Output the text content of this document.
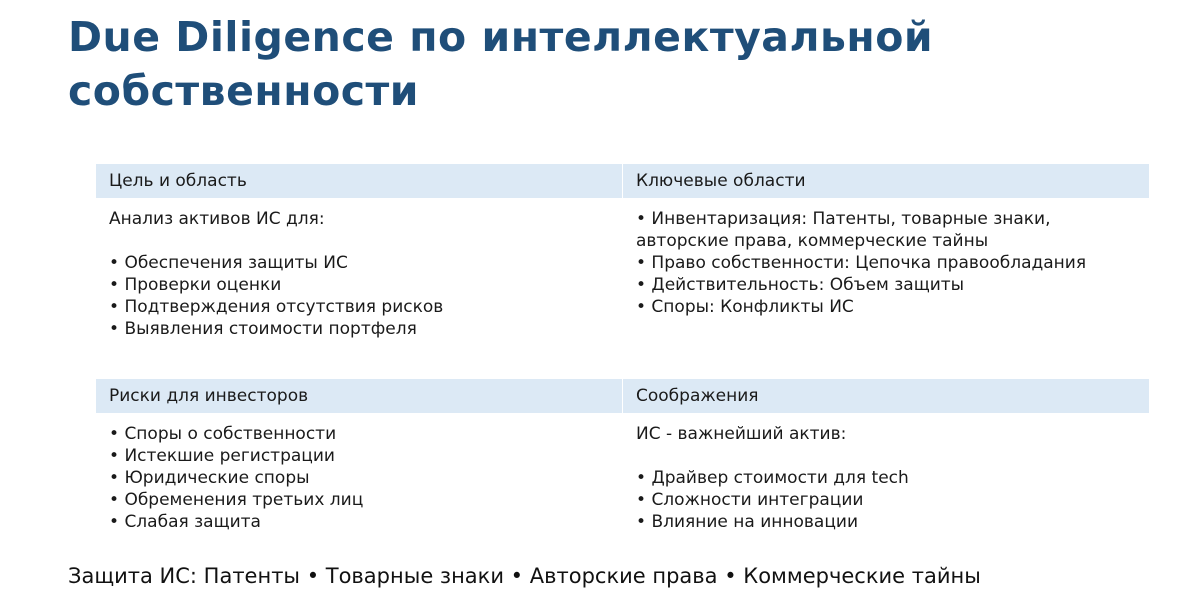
Due Diligence по интеллектуальной
собственности
Цель и область
Анализ активов ИС для:
• Обеспечения защиты ИС
• Проверки оценки
• Подтверждения отсутствия рисков
• Выявления стоимости портфеля
Ключевые области
• Инвентаризация: Патенты, товарные знаки,
авторские права, коммерческие тайны
• Право собственности: Цепочка правообладания
• Действительность: Объем защиты
• Споры: Конфликты ИС
Риски для инвесторов
• Споры о собственности
• Истекшие регистрации
• Юридические споры
• Обременения третьих лиц
• Слабая защита
Соображения
ИС - важнейший актив:
• Драйвер стоимости для tech
• Сложности интеграции
• Влияние на инновации
Защита ИС: Патенты • Товарные знаки • Авторские права • Коммерческие тайны
